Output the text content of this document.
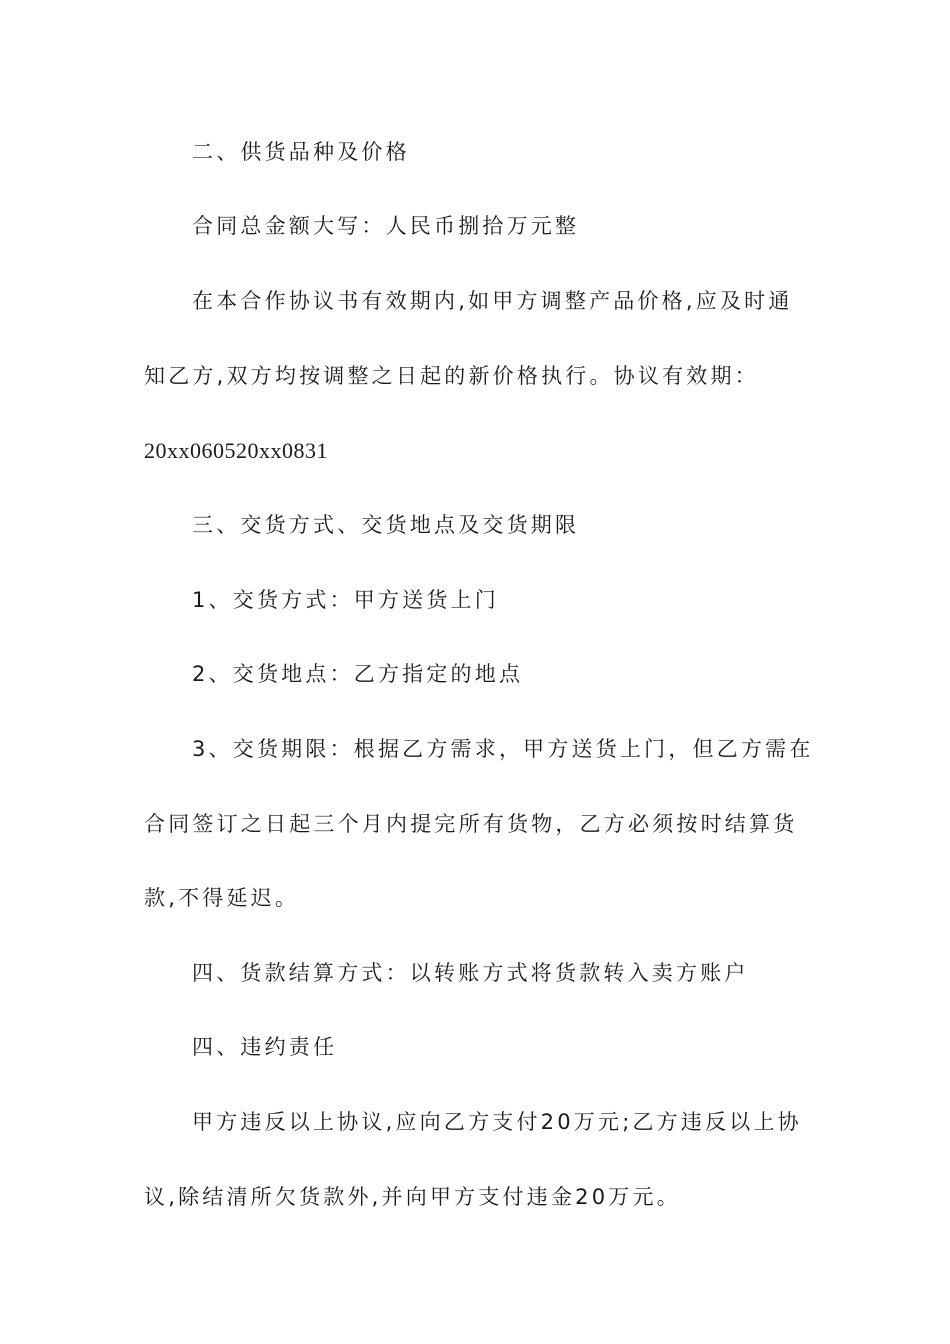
二、供货品种及价格
合同总金额大写：人民币捌拾万元整
在本合作协议书有效期内,如甲方调整产品价格,应及时通
知乙方,双方均按调整之日起的新价格执行。协议有效期：
20xx060520xx0831
三、交货方式、交货地点及交货期限
1、交货方式：甲方送货上门
2、交货地点：乙方指定的地点
3、交货期限：根据乙方需求，甲方送货上门，但乙方需在
合同签订之日起三个月内提完所有货物，乙方必须按时结算货
款,不得延迟。
四、货款结算方式：以转账方式将货款转入卖方账户
四、违约责任
甲方违反以上协议,应向乙方支付20万元;乙方违反以上协
议,除结清所欠货款外,并向甲方支付违金20万元。
